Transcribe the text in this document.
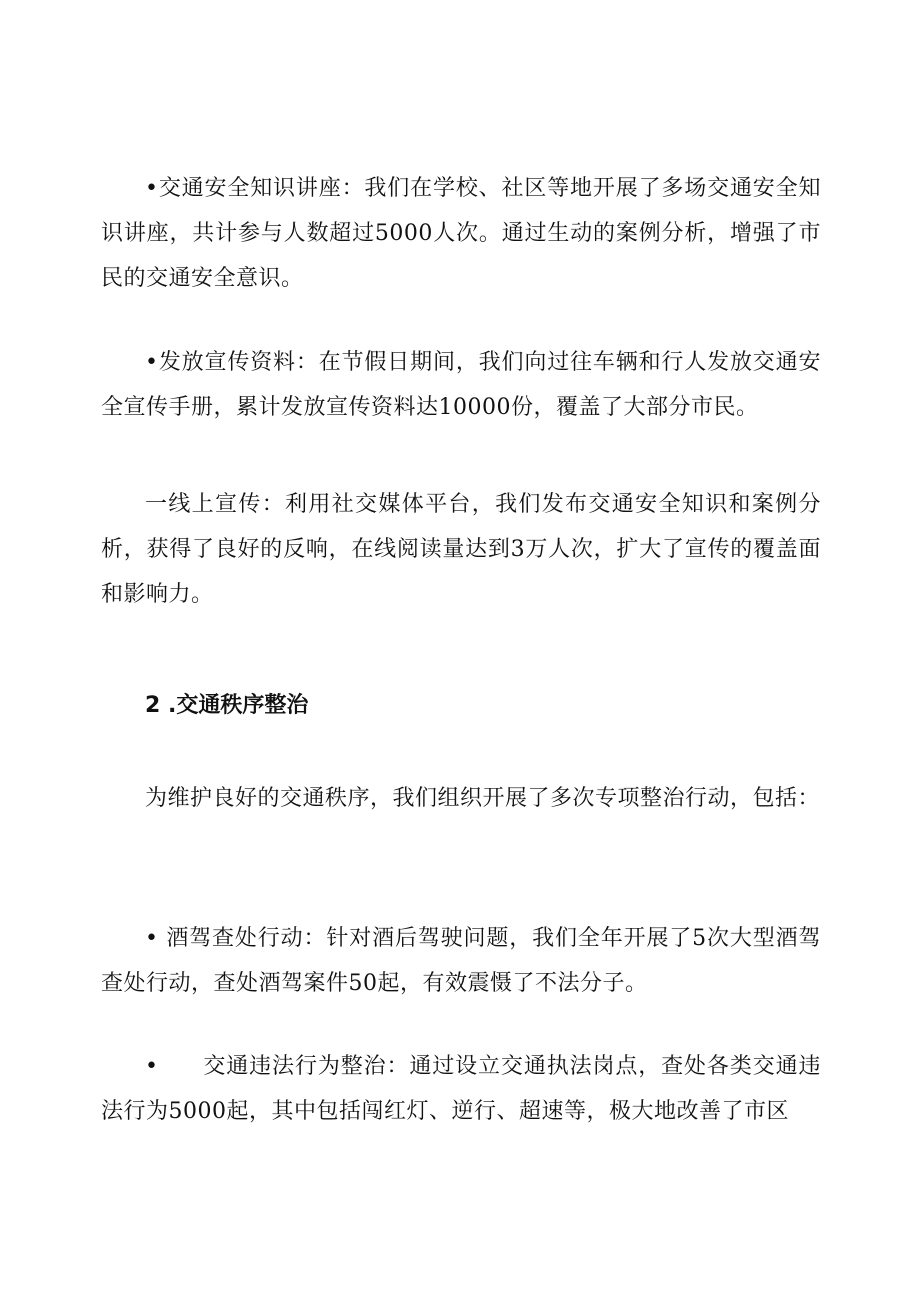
•交通安全知识讲座：我们在学校、社区等地开展了多场交通安全知识讲座，共计参与人数超过5000人次。通过生动的案例分析，增强了市民的交通安全意识。

•发放宣传资料：在节假日期间，我们向过往车辆和行人发放交通安全宣传手册，累计发放宣传资料达10000份，覆盖了大部分市民。

一线上宣传：利用社交媒体平台，我们发布交通安全知识和案例分析，获得了良好的反响，在线阅读量达到3万人次，扩大了宣传的覆盖面和影响力。

2 .交通秩序整治

为维护良好的交通秩序，我们组织开展了多次专项整治行动，包括：

• 酒驾查处行动：针对酒后驾驶问题，我们全年开展了5次大型酒驾查处行动，查处酒驾案件50起，有效震慑了不法分子。

• 交通违法行为整治：通过设立交通执法岗点，查处各类交通违法行为5000起，其中包括闯红灯、逆行、超速等，极大地改善了市区
